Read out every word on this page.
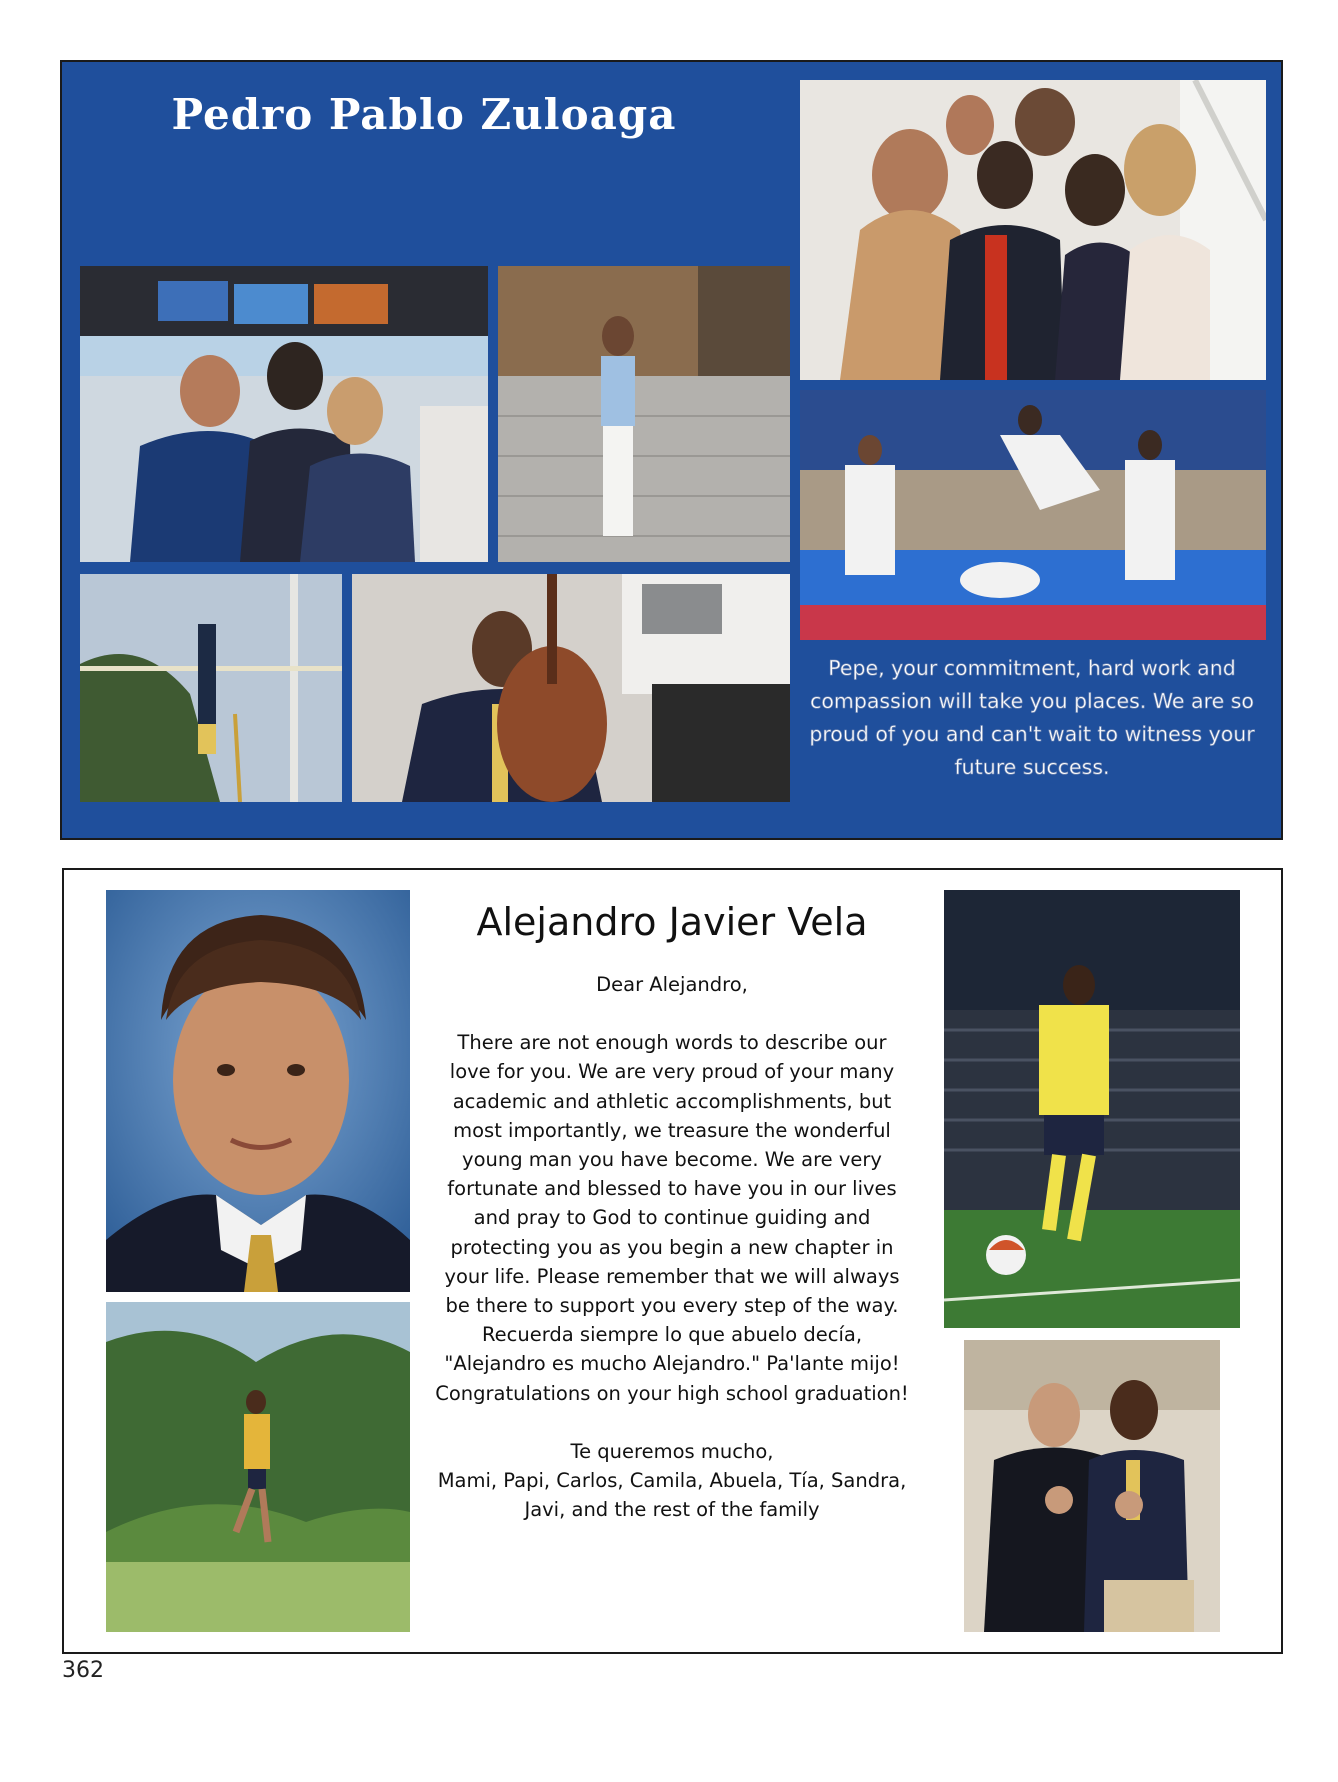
Pedro Pablo Zuloaga
Pepe, your commitment, hard work and compassion will take you places. We are so proud of you and can't wait to witness your future success.
Alejandro Javier Vela

Dear Alejandro,

There are not enough words to describe our love for you. We are very proud of your many academic and athletic accomplishments, but most importantly, we treasure the wonderful young man you have become. We are very fortunate and blessed to have you in our lives and pray to God to continue guiding and protecting you as you begin a new chapter in your life. Please remember that we will always be there to support you every step of the way. Recuerda siempre lo que abuelo decía, "Alejandro es mucho Alejandro." Pa'lante mijo! Congratulations on your high school graduation!

Te queremos mucho,

Mami, Papi, Carlos, Camila, Abuela, Tía, Sandra, Javi, and the rest of the family

362
